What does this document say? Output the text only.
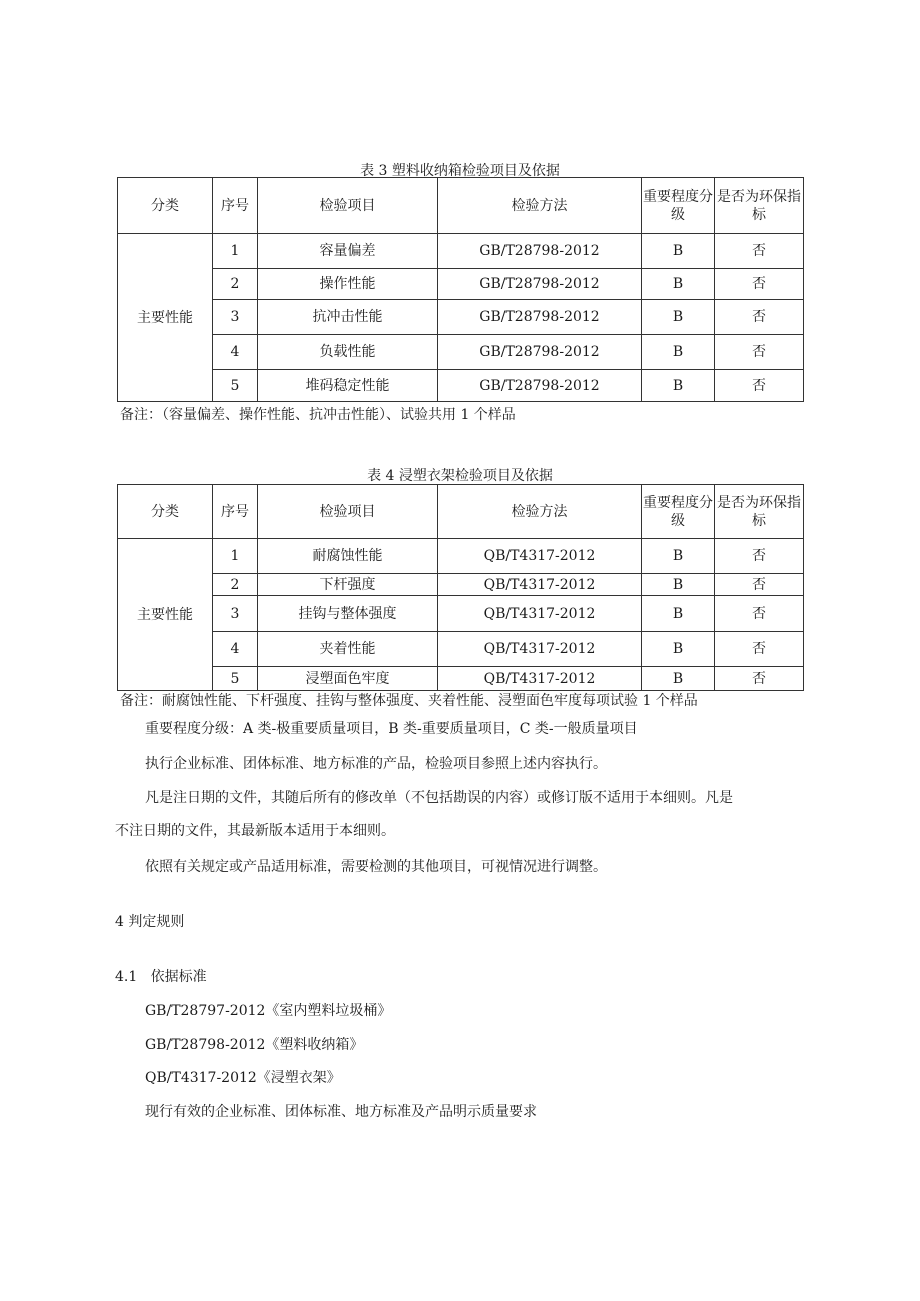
表 3 塑料收纳箱检验项目及依据
分类	序号	检验项目	检验方法	重要程度分级	是否为环保指标
主要性能	1	容量偏差	GB/T28798-2012	B	否
	2	操作性能	GB/T28798-2012	B	否
	3	抗冲击性能	GB/T28798-2012	B	否
	4	负载性能	GB/T28798-2012	B	否
	5	堆码稳定性能	GB/T28798-2012	B	否
备注：（容量偏差、操作性能、抗冲击性能）、试验共用 1 个样品
表 4 浸塑衣架检验项目及依据
分类	序号	检验项目	检验方法	重要程度分级	是否为环保指标
主要性能	1	耐腐蚀性能	QB/T4317-2012	B	否
	2	下杆强度	QB/T4317-2012	B	否
	3	挂钩与整体强度	QB/T4317-2012	B	否
	4	夹着性能	QB/T4317-2012	B	否
	5	浸塑面色牢度	QB/T4317-2012	B	否
备注：耐腐蚀性能、下杆强度、挂钩与整体强度、夹着性能、浸塑面色牢度每项试验 1 个样品
重要程度分级：A 类-极重要质量项目，B 类-重要质量项目，C 类-一般质量项目
执行企业标准、团体标准、地方标准的产品，检验项目参照上述内容执行。
凡是注日期的文件，其随后所有的修改单（不包括勘误的内容）或修订版不适用于本细则。凡是
不注日期的文件，其最新版本适用于本细则。
依照有关规定或产品适用标准，需要检测的其他项目，可视情况进行调整。
4 判定规则
4.1   依据标准
GB/T28797-2012《室内塑料垃圾桶》
GB/T28798-2012《塑料收纳箱》
QB/T4317-2012《浸塑衣架》
现行有效的企业标准、团体标准、地方标准及产品明示质量要求
